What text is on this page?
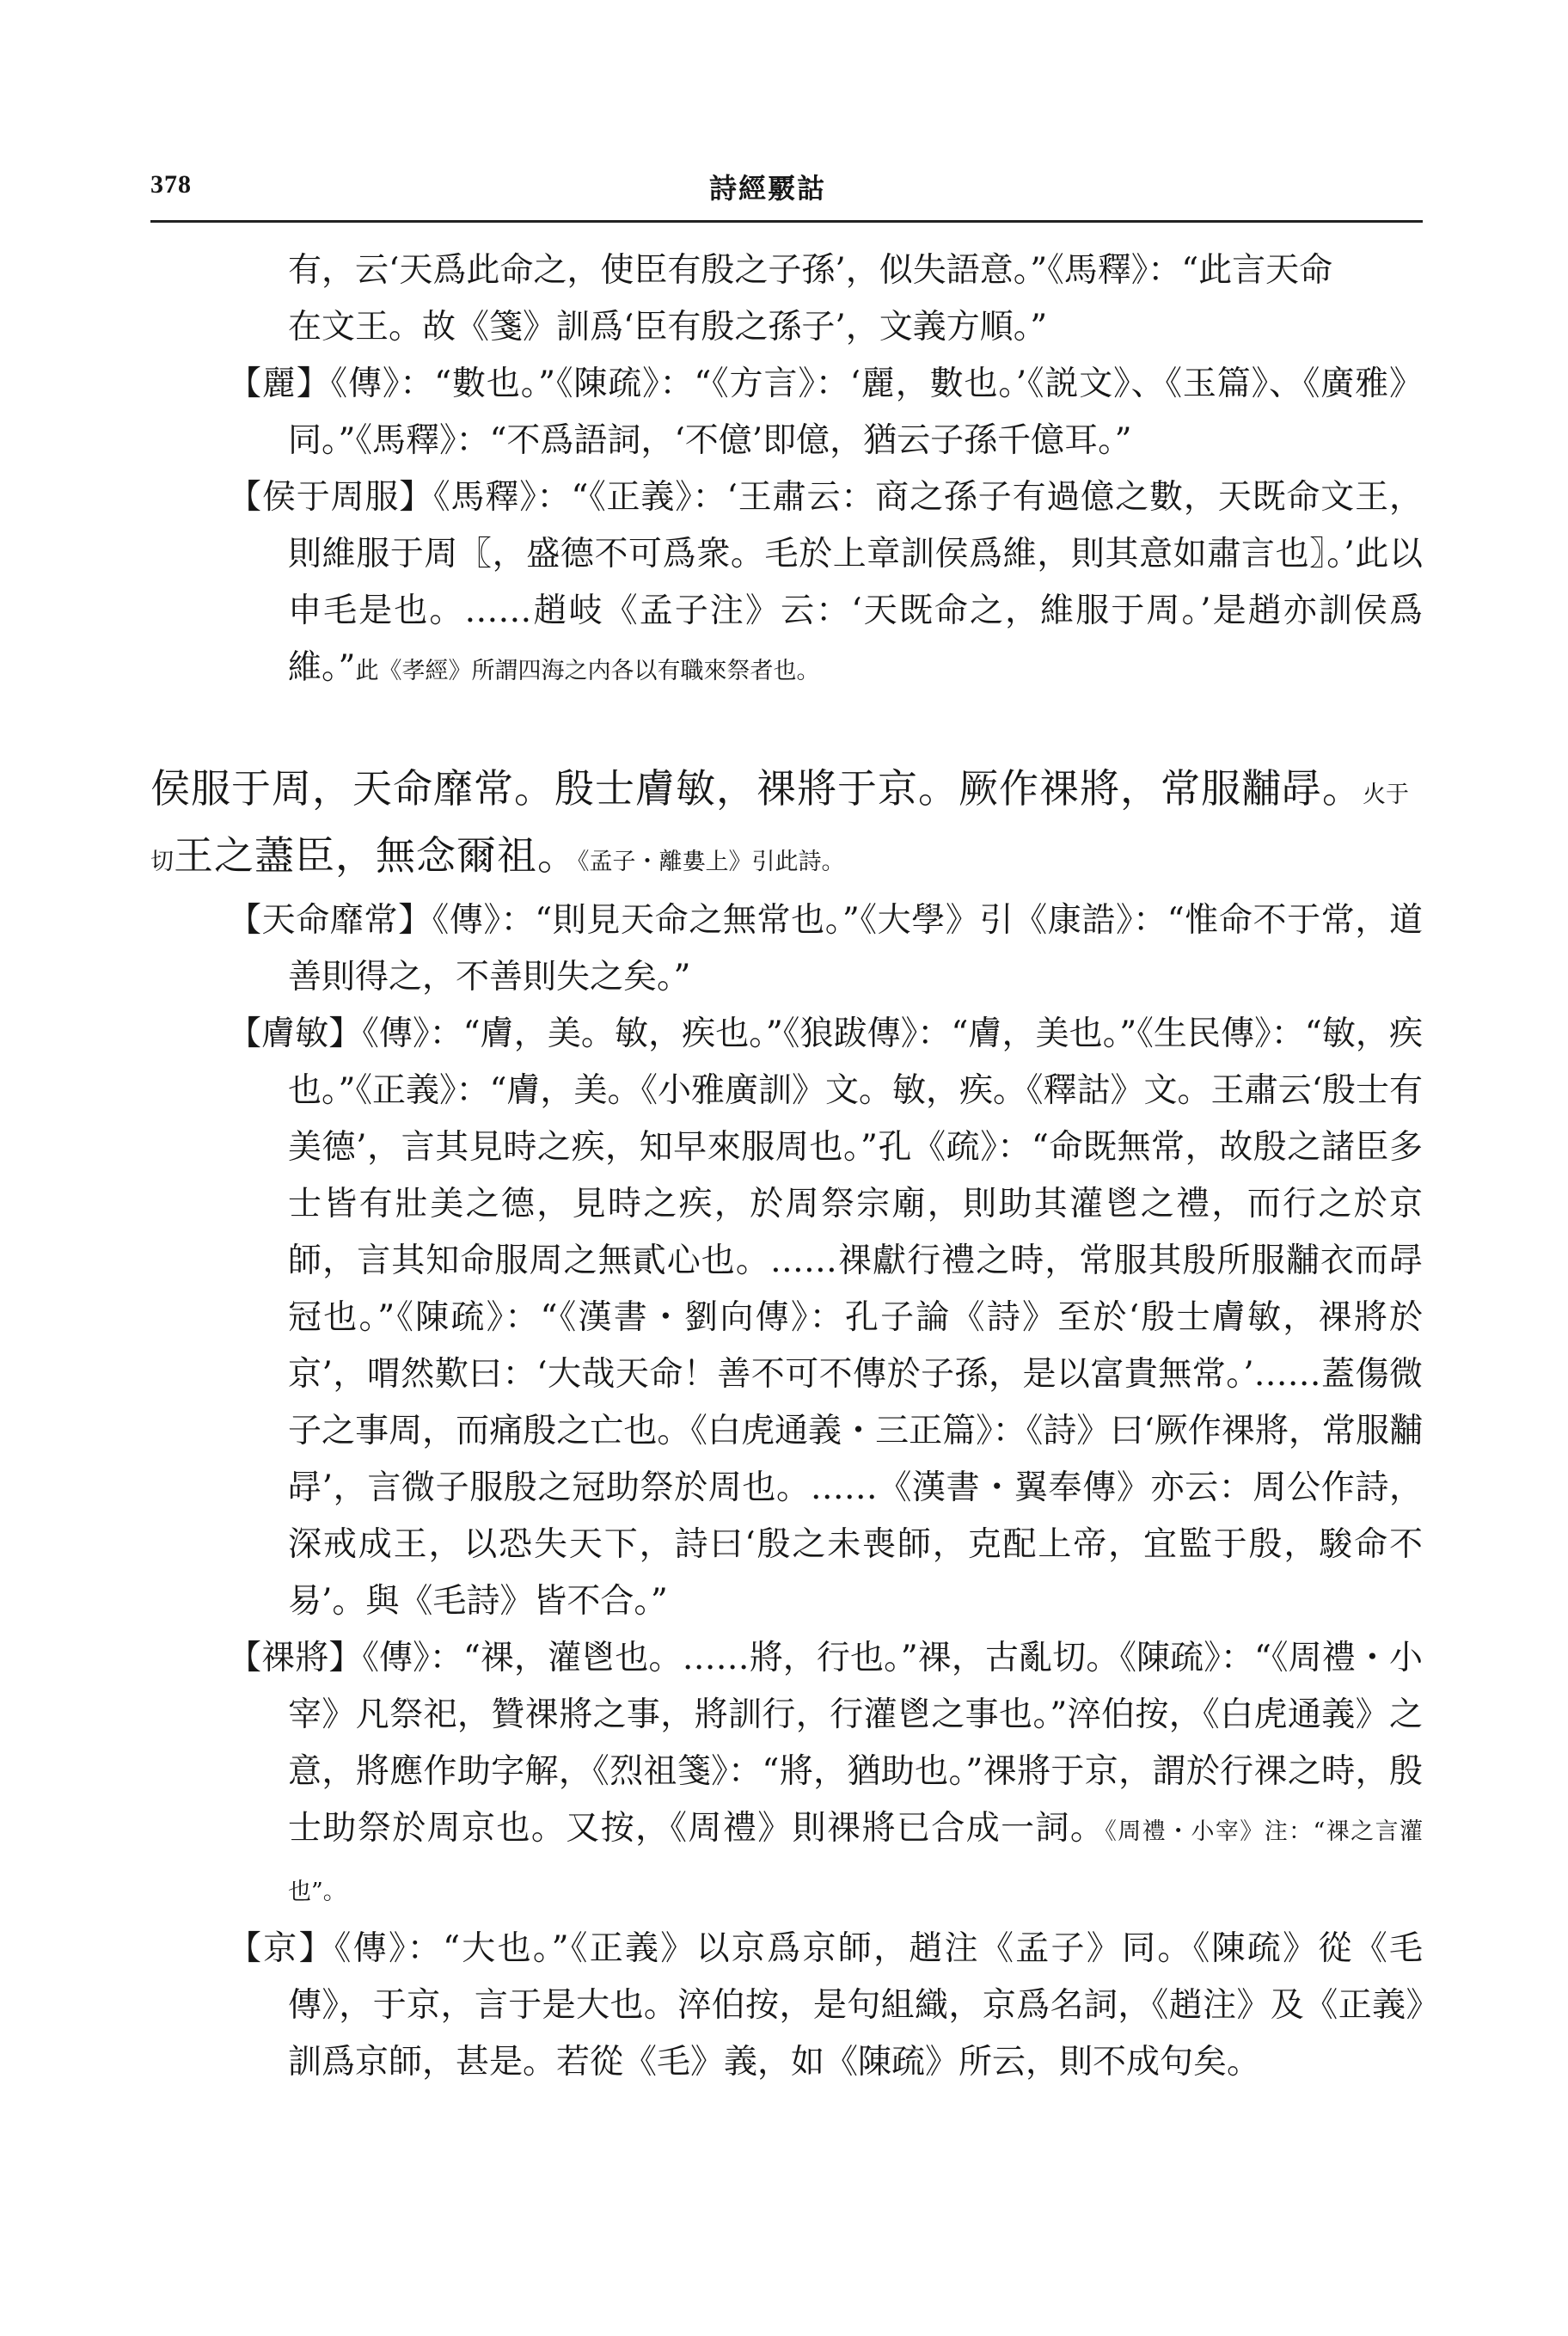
378	詩經覈詁

有，云‘天爲此命之，使臣有殷之子孫’，似失語意。”《馬釋》：“此言天命

在文王。故《箋》訓爲‘臣有殷之孫子’，文義方順。”

【麗】《傳》：“數也。”《陳疏》：“《方言》：‘麗，數也。’《説文》、《玉篇》、《廣雅》同。”《馬釋》：“不爲語詞，‘不億’即億，猶云子孫千億耳。”

【侯于周服】《馬釋》：“《正義》：‘王肅云：商之孫子有過億之數，天既命文王，則維服于周〖，盛德不可爲衆。毛於上章訓侯爲維，則其意如肅言也〗。’此以申毛是也。……趙岐《孟子注》云：‘天既命之，維服于周。’是趙亦訓侯爲維。”此《孝經》所謂四海之内各以有職來祭者也。

侯服于周，天命靡常。殷士膚敏，祼將于京。厥作祼將，常服黼冔。火于切王之藎臣，無念爾祖。《孟子・離婁上》引此詩。

【天命靡常】《傳》：“則見天命之無常也。”《大學》引《康誥》：“惟命不于常，道善則得之，不善則失之矣。”

【膚敏】《傳》：“膚，美。敏，疾也。”《狼跋傳》：“膚，美也。”《生民傳》：“敏，疾也。”《正義》：“膚，美。《小雅廣訓》文。敏，疾。《釋詁》文。王肅云‘殷士有美德’，言其見時之疾，知早來服周也。”孔《疏》：“命既無常，故殷之諸臣多士皆有壯美之德，見時之疾，於周祭宗廟，則助其灌鬯之禮，而行之於京師，言其知命服周之無貳心也。……祼獻行禮之時，常服其殷所服黼衣而冔冠也。”《陳疏》：“《漢書・劉向傳》：孔子論《詩》至於‘殷士膚敏，祼將於京’，喟然歎曰：‘大哉天命！善不可不傳於子孫，是以富貴無常。’……蓋傷微子之事周，而痛殷之亡也。《白虎通義・三正篇》：《詩》曰‘厥作祼將，常服黼冔’，言微子服殷之冠助祭於周也。……《漢書・翼奉傳》亦云：周公作詩，深戒成王，以恐失天下，詩曰‘殷之未喪師，克配上帝，宜監于殷，駿命不易’。與《毛詩》皆不合。”

【祼將】《傳》：“祼，灌鬯也。……將，行也。”祼，古亂切。《陳疏》：“《周禮・小宰》凡祭祀，贊祼將之事，將訓行，行灌鬯之事也。”淬伯按，《白虎通義》之意，將應作助字解，《烈祖箋》：“將，猶助也。”祼將于京，謂於行祼之時，殷士助祭於周京也。又按，《周禮》則祼將已合成一詞。《周禮・小宰》注：“祼之言灌也”。

【京】《傳》：“大也。”《正義》以京爲京師，趙注《孟子》同。《陳疏》從《毛傳》，于京，言于是大也。淬伯按，是句組織，京爲名詞，《趙注》及《正義》訓爲京師，甚是。若從《毛》義，如《陳疏》所云，則不成句矣。
